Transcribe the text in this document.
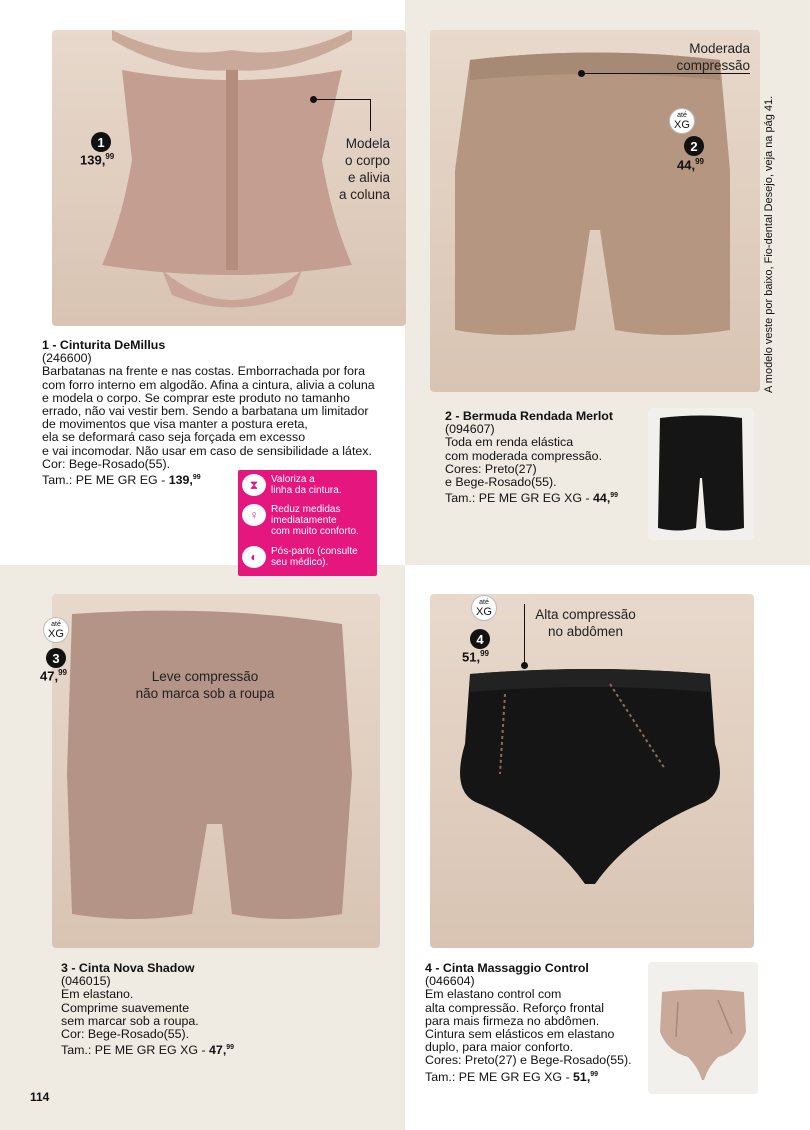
A modelo veste por baixo, Fio-dental Desejo, veja na pág 41.
Modela
o corpo
e alivia
a coluna
1
139,99

1 - Cinturita DeMillus

(246600)

Barbatanas na frente e nas costas. Emborrachada por fora

com forro interno em algodão. Afina a cintura, alivia a coluna

e modela o corpo. Se comprar este produto no tamanho

errado, não vai vestir bem. Sendo a barbatana um limitador

de movimentos que visa manter a postura ereta,

ela se deformará caso seja forçada em excesso

e vai incomodar. Não usar em caso de sensibilidade a látex.

Cor: Bege-Rosado(55).

Tam.: PE ME GR EG - 139,99	⧗	Valoriza a
linha da cintura.
♀	Reduz medidas
imediatamente
com muito conforto.
◐	Pós-parto (consulte
seu médico).
Moderada
compressão
até
XG
2
44,99

2 - Bermuda Rendada Merlot

(094607)

Toda em renda elástica

com moderada compressão.

Cores: Preto(27)

e Bege-Rosado(55).

Tam.: PE ME GR EG XG - 44,99

até
XG
3
47,99	Leve compressão
não marca sob a roupa

3 - Cinta Nova Shadow

(046015)

Em elastano.

Comprime suavemente

sem marcar sob a roupa.

Cor: Bege-Rosado(55).

Tam.: PE ME GR EG XG - 47,99

até
XG
4
51,99
Alta compressão
no abdômen

4 - Cinta Massaggio Control

(046604)

Em elastano control com

alta compressão. Reforço frontal

para mais firmeza no abdômen.

Cintura sem elásticos em elastano

duplo, para maior conforto.

Cores: Preto(27) e Bege-Rosado(55).

Tam.: PE ME GR EG XG - 51,99

114
